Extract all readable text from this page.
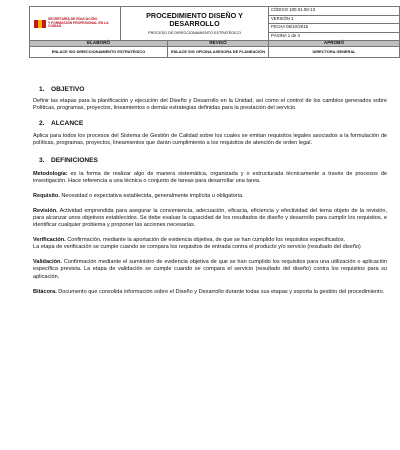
SECRETARÍA DE EDUCACIÓN
Y FORMACIÓN PROFESIONAL EN LA CUIDAD	PROCEDIMIENTO DISEÑO Y DESARROLLO
PROCESO DE DIRECCIONAMIENTO ESTRATÉGICO		CÓDIGO 100.01.08-13
			VERSIÓN 1
			FECHA 05/10/2015
			PÁGINA 1 de 4
ELABORÓ		REVISÓ	APROBÓ
ENLACE SIG DIRECCIONAMIENTO ESTRATÉGICO		ENLACE SIG OFICINA ASESORA DE PLANEACIÓN	DIRECTORA GENERAL
1. OBJETIVO

Definir las etapas para la planificación y ejecución del Diseño y Desarrollo en la Unidad, así como el control de los cambios generados sobre Políticas, programas, proyectos, lineamientos o demás estrategias definidas para la prestación del servicio.

2. ALCANCE

Aplica para todos los procesos del Sistema de Gestión de Calidad sobre los cuales se emitan requisitos legales asociados a la formulación de políticas, programas, proyectos, lineamientos que darán cumplimiento a los requisitos de atención de orden legal.

3. DEFINICIONES

Metodología: es la forma de realizar algo de manera sistemática, organizada y o estructurada técnicamente a través de procesos de investigación. Hace referencia a una técnica o conjunto de tareas para desarrollar una tarea.

Requisito. Necesidad o expectativa establecida, generalmente implícita u obligatoria.

Revisión. Actividad emprendida para asegurar la conveniencia, adecuación, eficacia, eficiencia y efectividad del tema objeto de la revisión, para alcanzar unos objetivos establecidos. Se debe evaluar la capacidad de los resultados de diseño y desarrollo para cumplir los requisitos, e identificar cualquier problema y proponer las acciones necesarias.

Verificación. Confirmación, mediante la aportación de evidencia objetiva, de que se han cumplido los requisitos especificados.
La etapa de verificación se cumple cuando se compara los requisitos de entrada contra el producto y/o servicio (resultado del diseño)

Validación. Confirmación mediante el suministro de evidencia objetiva de que se han cumplido los requisitos para una utilización o aplicación específica prevista. La etapa de validación se cumple cuando se compara el servicio (resultado del diseño) contra los requisitos para su aplicación.

Bitácora. Documento que consolida información sobre el Diseño y Desarrollo durante todas sus etapas y soporta la gestión del procedimiento.
